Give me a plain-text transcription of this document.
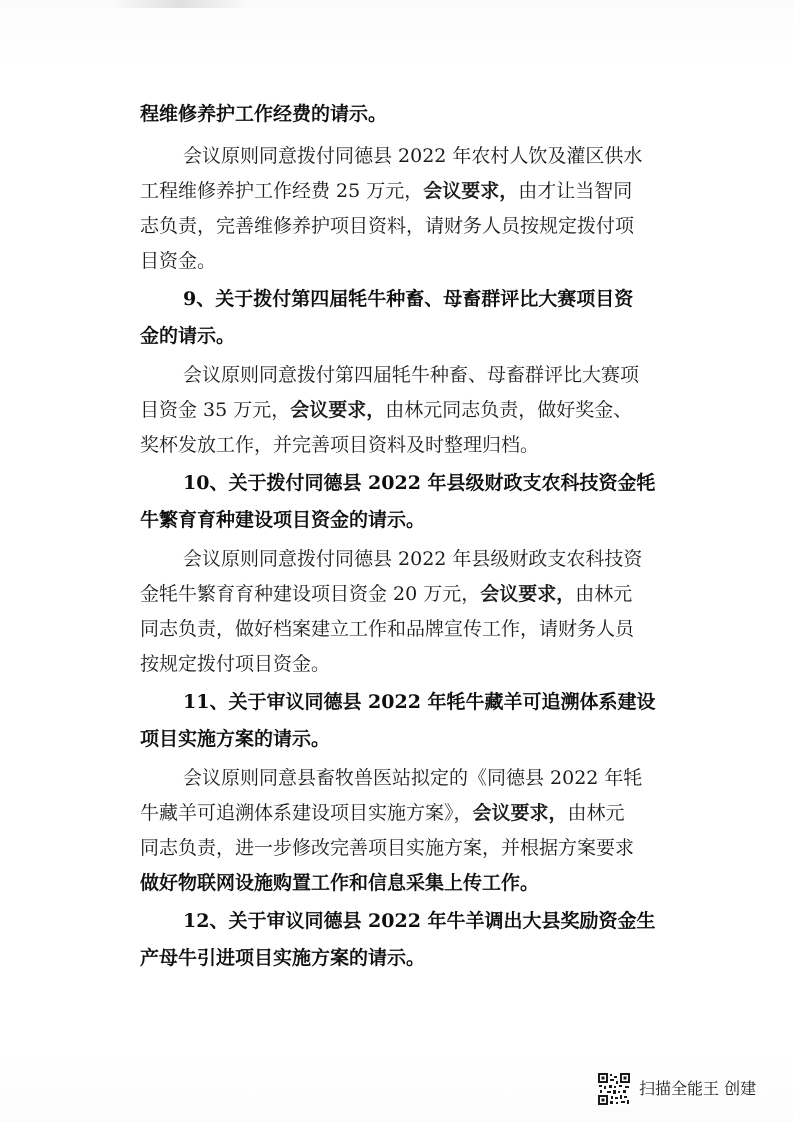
程维修养护工作经费的请示。
会议原则同意拨付同德县 2022 年农村人饮及灌区供水
工程维修养护工作经费 25 万元，会议要求，由才让当智同
志负责，完善维修养护项目资料，请财务人员按规定拨付项
目资金。
9、关于拨付第四届牦牛种畜、母畜群评比大赛项目资
金的请示。
会议原则同意拨付第四届牦牛种畜、母畜群评比大赛项
目资金 35 万元，会议要求，由林元同志负责，做好奖金、
奖杯发放工作，并完善项目资料及时整理归档。
10、关于拨付同德县 2022 年县级财政支农科技资金牦
牛繁育育种建设项目资金的请示。
会议原则同意拨付同德县 2022 年县级财政支农科技资
金牦牛繁育育种建设项目资金 20 万元，会议要求，由林元
同志负责，做好档案建立工作和品牌宣传工作，请财务人员
按规定拨付项目资金。
11、关于审议同德县 2022 年牦牛藏羊可追溯体系建设
项目实施方案的请示。
会议原则同意县畜牧兽医站拟定的《同德县 2022 年牦
牛藏羊可追溯体系建设项目实施方案》，会议要求，由林元
同志负责，进一步修改完善项目实施方案，并根据方案要求
做好物联网设施购置工作和信息采集上传工作。
12、关于审议同德县 2022 年牛羊调出大县奖励资金生
产母牛引进项目实施方案的请示。
扫描全能王 创建
